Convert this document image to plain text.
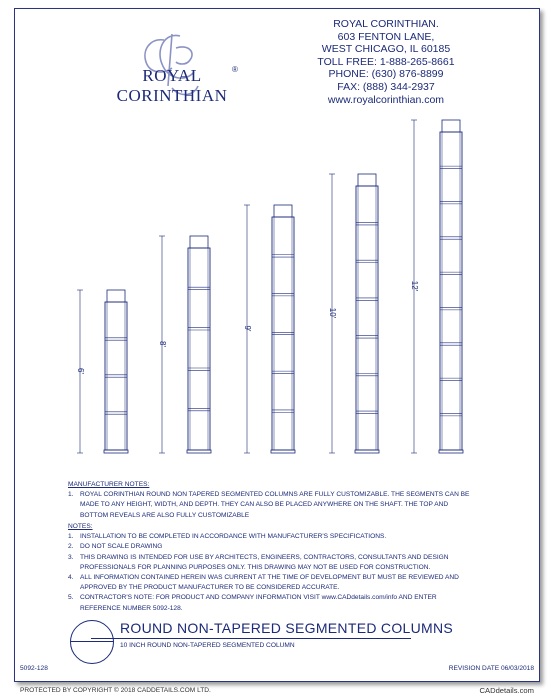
ROYAL CORINTHIAN
®
ROYAL CORINTHIAN.
603 FENTON LANE,
WEST CHICAGO, IL 60185
TOLL FREE: 1-888-265-8661
PHONE: (630) 876-8899
FAX: (888) 344-2937
www.royalcorinthian.com
6'
8'
9'
10'
12'
MANUFACTURER NOTES:
1. ROYAL CORINTHIAN ROUND NON TAPERED SEGMENTED COLUMNS ARE FULLY CUSTOMIZABLE. THE SEGMENTS CAN BE
MADE TO ANY HEIGHT, WIDTH, AND DEPTH. THEY CAN ALSO BE PLACED ANYWHERE ON THE SHAFT. THE TOP AND
BOTTOM REVEALS ARE ALSO FULLY CUSTOMIZABLE
NOTES:
1. INSTALLATION TO BE COMPLETED IN ACCORDANCE WITH MANUFACTURER'S SPECIFICATIONS.
2. DO NOT SCALE DRAWING
3. THIS DRAWING IS INTENDED FOR USE BY ARCHITECTS, ENGINEERS, CONTRACTORS, CONSULTANTS AND DESIGN
PROFESSIONALS FOR PLANNING PURPOSES ONLY. THIS DRAWING MAY NOT BE USED FOR CONSTRUCTION.
4. ALL INFORMATION CONTAINED HEREIN WAS CURRENT AT THE TIME OF DEVELOPMENT BUT MUST BE REVIEWED AND
APPROVED BY THE PRODUCT MANUFACTURER TO BE CONSIDERED ACCURATE.
5. CONTRACTOR'S NOTE: FOR PRODUCT AND COMPANY INFORMATION VISIT www.CADdetails.com/info AND ENTER
REFERENCE NUMBER 5092-128.
ROUND NON-TAPERED SEGMENTED COLUMNS
10 INCH ROUND NON-TAPERED SEGMENTED COLUMN
5092-128	REVISION DATE 06/03/2018
PROTECTED BY COPYRIGHT © 2018 CADDETAILS.COM LTD.	CADdetails.com
